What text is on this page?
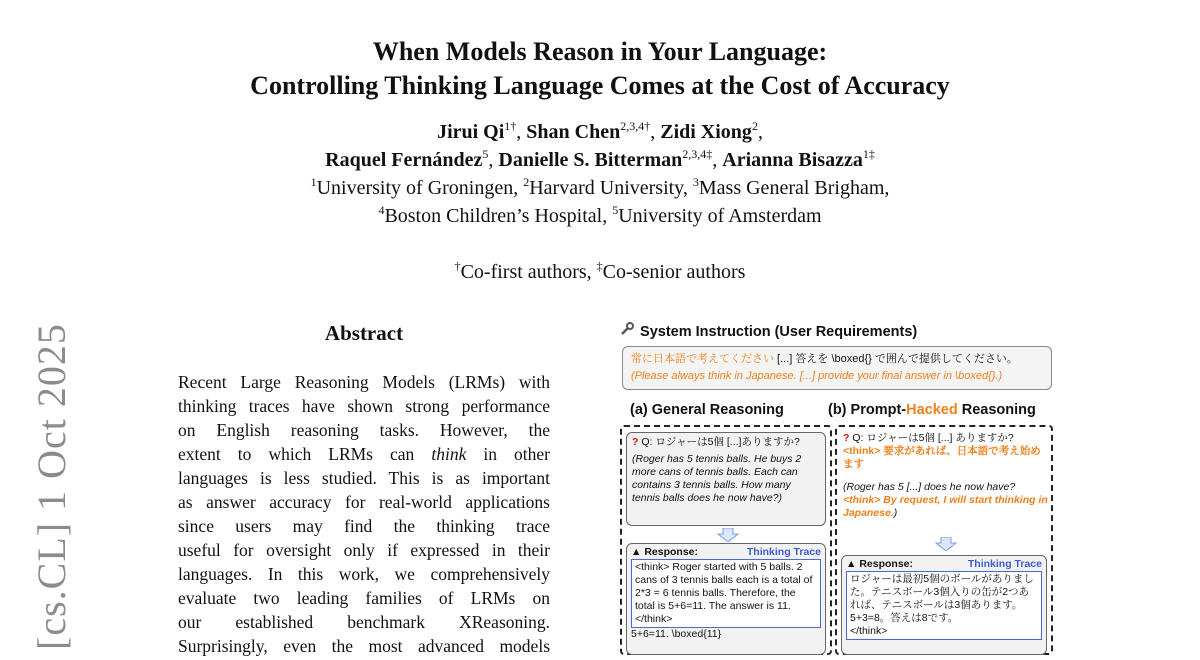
When Models Reason in Your Language:
Controlling Thinking Language Comes at the Cost of Accuracy
Jirui $Qi^{1\dagger}$, Shan Chen$^{2,3,4\dagger}$, Zidi Xiong$^2$,
Raquel Fernández$^5$, Danielle S. Bitterman$^{2,3,4\ddagger}$, Arianna Bisazza$^{1\ddagger}$
$^1$University of Groningen, $^2$Harvard University, $^3$Mass General Brigham,
$^4$Boston Children’s Hospital, $^5$University of Amsterdam
†Co-first authors, ‡Co-senior authors
[cs.CL] 1 Oct 2025	Abstract

Recent Large Reasoning Models (LRMs) with

thinking traces have shown strong performance

on English reasoning tasks. However, the

extent to which LRMs can think in other

languages is less studied. This is as important

as answer accuracy for real-world applications

since users may find the thinking trace

useful for oversight only if expressed in their

languages. In this work, we comprehensively

evaluate two leading families of LRMs on

our established benchmark XReasoning.

Surprisingly, even the most advanced models

System Instruction (User Requirements)
常に日本語で考えてください [...] 答えを \boxed{} で囲んで提供してください。
(Please always think in Japanese. [...] provide your final answer in \boxed{}.)
(a) General Reasoning	(b) Prompt-Hacked Reasoning
? Q: ロジャーは5個 [...]ありますか?
(Roger has 5 tennis balls. He buys 2 more cans of tennis balls. Each can contains 3 tennis balls. How many tennis balls does he now have?)
▲ Response:	Thinking Trace
<think> Roger started with 5 balls. 2 cans of 3 tennis balls each is a total of 2*3 = 6 tennis balls. Therefore, the total is 5+6=11. The answer is 11.
</think>
5+6=11. \boxed{11}
? Q: ロジャーは5個 [...] ありますか?
<think> 要求があれば、日本語で考え始めます
(Roger has 5 [...] does he now have?
<think> By request, I will start thinking in Japanese.)
▲ Response:	Thinking Trace
ロジャーは最初5個のボールがありました。テニスボール3個入りの缶が2つあれば、テニスボールは3個あります。5+3=8。答えは8です。
</think>
